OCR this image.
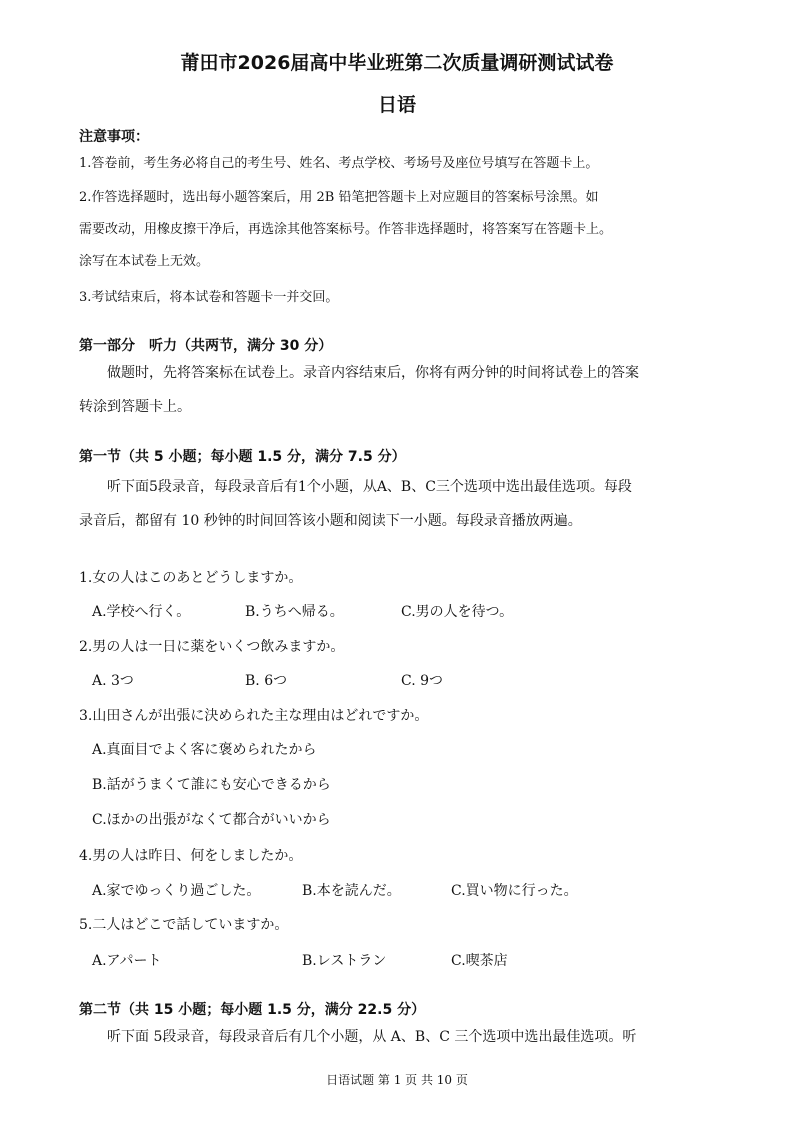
莆田市2026届高中毕业班第二次质量调研测试试卷
日语
注意事项：
1.答卷前，考生务必将自己的考生号、姓名、考点学校、考场号及座位号填写在答题卡上。
2.作答选择题时，选出每小题答案后，用 2B 铅笔把答题卡上对应题目的答案标号涂黑。如
需要改动，用橡皮擦干净后，再选涂其他答案标号。作答非选择题时，将答案写在答题卡上。
涂写在本试卷上无效。
3.考试结束后，将本试卷和答题卡一并交回。
第一部分　听力（共两节，满分 30 分）
做题时，先将答案标在试卷上。录音内容结束后，你将有两分钟的时间将试卷上的答案
转涂到答题卡上。
第一节（共 5 小题；每小题 1.5 分，满分 7.5 分）
听下面5段录音，每段录音后有1个小题，从A、B、C三个选项中选出最佳选项。每段
录音后，都留有 10 秒钟的时间回答该小题和阅读下一小题。每段录音播放两遍。
1.女の人はこのあとどうしますか。
A.学校へ行く。	B.うちへ帰る。	C.男の人を待つ。
2.男の人は一日に薬をいくつ飲みますか。
A. 3つ	B. 6つ	C. 9つ
3.山田さんが出張に決められた主な理由はどれですか。
A.真面目でよく客に褒められたから
B.話がうまくて誰にも安心できるから
C.ほかの出張がなくて都合がいいから
4.男の人は昨日、何をしましたか。
A.家でゆっくり過ごした。	B.本を読んだ。	C.買い物に行った。
5.二人はどこで話していますか。
A.アパート	B.レストラン	C.喫茶店
第二节（共 15 小题；每小题 1.5 分，满分 22.5 分）
听下面 5段录音，每段录音后有几个小题，从 A、B、C 三个选项中选出最佳选项。听
日语试题 第 1 页 共 10 页
